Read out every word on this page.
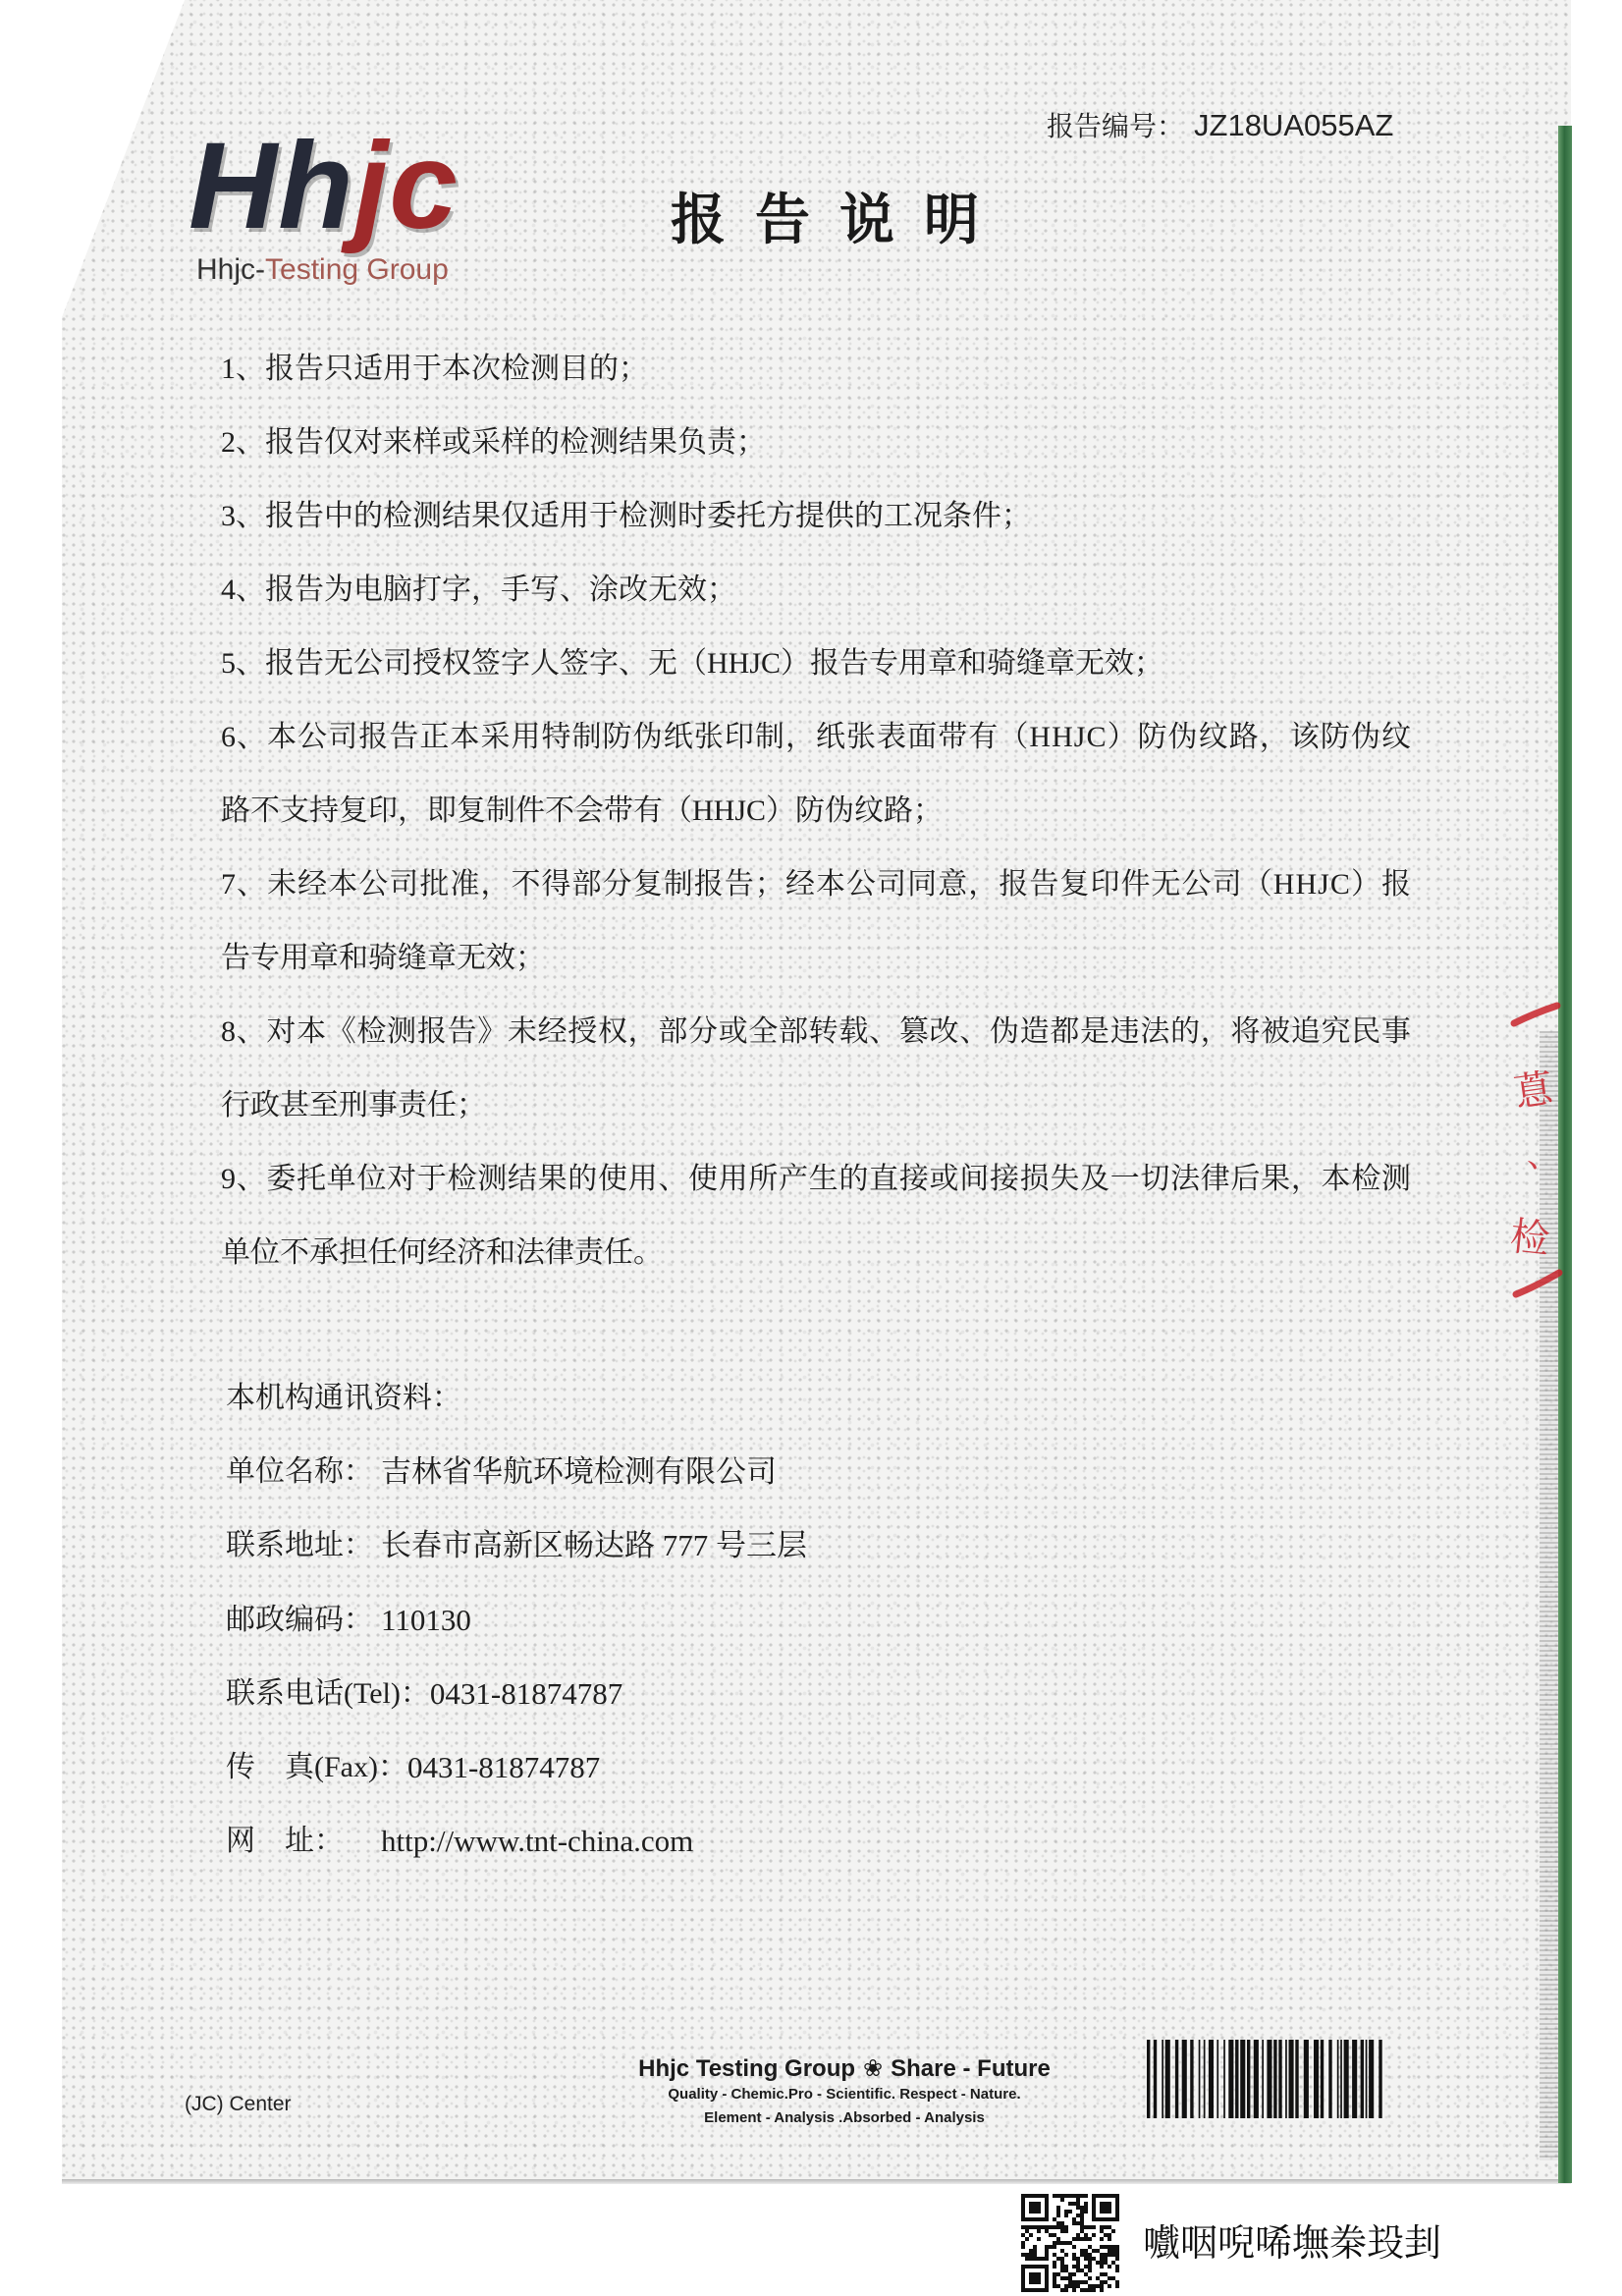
报告编号： JZ18UA055AZ
Hhjc
Hhjc-Testing Group
报告说明
1、报告只适用于本次检测目的；
2、报告仅对来样或采样的检测结果负责；
3、报告中的检测结果仅适用于检测时委托方提供的工况条件；
4、报告为电脑打字，手写、涂改无效；
5、报告无公司授权签字人签字、无（HHJC）报告专用章和骑缝章无效；
6、本公司报告正本采用特制防伪纸张印制，纸张表面带有（HHJC）防伪纹路，该防伪纹
路不支持复印，即复制件不会带有（HHJC）防伪纹路；
7、未经本公司批准，不得部分复制报告；经本公司同意，报告复印件无公司（HHJC）报
告专用章和骑缝章无效；
8、对本《检测报告》未经授权，部分或全部转载、篡改、伪造都是违法的，将被追究民事
行政甚至刑事责任；
9、委托单位对于检测结果的使用、使用所产生的直接或间接损失及一切法律后果，本检测
单位不承担任何经济和法律责任。
本机构通讯资料：
单位名称： 吉林省华航环境检测有限公司
联系地址： 长春市高新区畅达路 777 号三层
邮政编码： 110130
联系电话(Tel)： 0431-81874787
传　真(Fax)： 0431-81874787
网　址：	http://www.tnt-china.com
蒠
、
检
(JC) Center
Hhjc Testing Group❀ Share - Future
Quality - Chemic.Pro - Scientific. Respect - Nature.
Element - Analysis .Absorbed - Analysis
嚱咽唲唏墲桊殶刲
